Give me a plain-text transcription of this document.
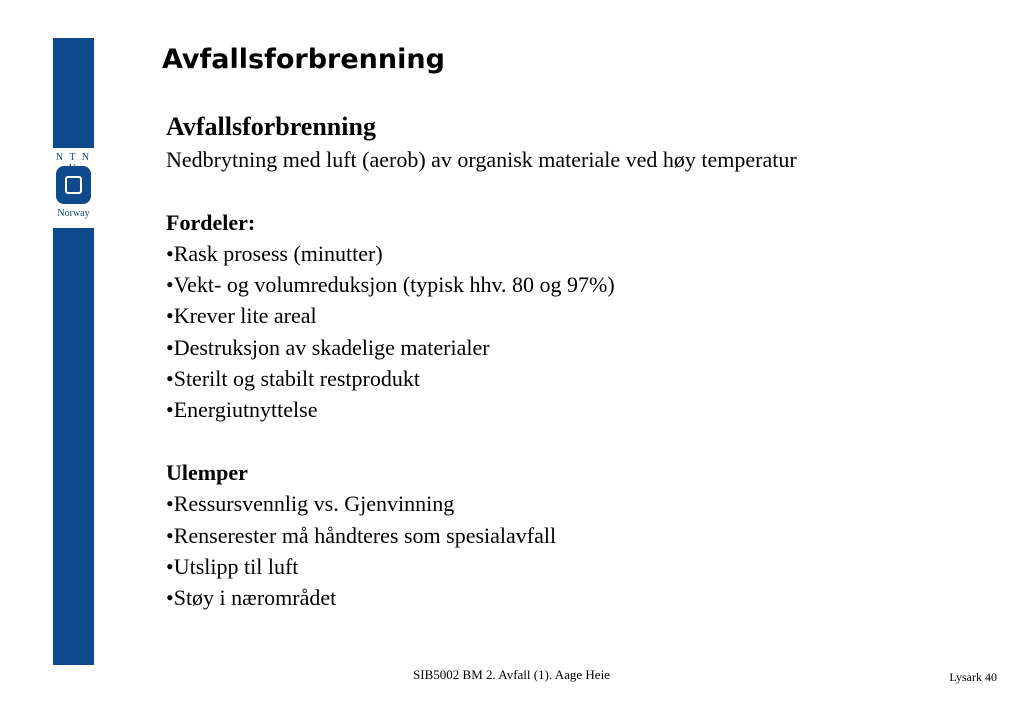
N T N
Norway
Avfallsforbrenning
Avfallsforbrenning
Nedbrytning med luft (aerob) av organisk materiale ved høy temperatur
Fordeler:
•Rask prosess (minutter)
•Vekt- og volumreduksjon (typisk hhv. 80 og 97%)
•Krever lite areal
•Destruksjon av skadelige materialer
•Sterilt og stabilt restprodukt
•Energiutnyttelse
Ulemper
•Ressursvennlig vs. Gjenvinning
•Renserester må håndteres som spesialavfall
•Utslipp til luft
•Støy i nærområdet
SIB5002 BM 2. Avfall (1). Aage Heie	Lysark 40
